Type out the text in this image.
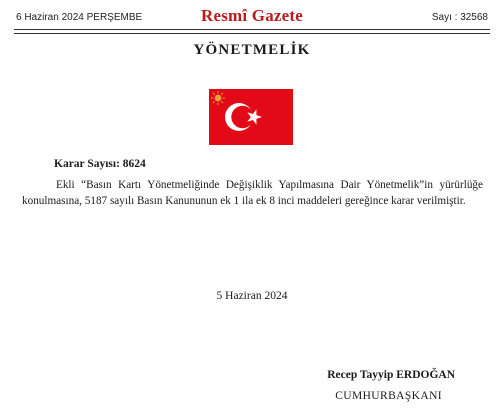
6 Haziran 2024 PERŞEMBE	Resmî Gazete	Sayı : 32568
YÖNETMELİK
Karar Sayısı: 8624

Ekli “Basın Kartı Yönetmeliğinde Değişiklik Yapılmasına Dair Yönetmelik”in yürürlüğe konulmasına, 5187 sayılı Basın Kanununun ek 1 ila ek 8 inci maddeleri gereğince karar verilmiştir.

5 Haziran 2024
Recep Tayyip ERDOĞAN
CUMHURBAŞKANI
